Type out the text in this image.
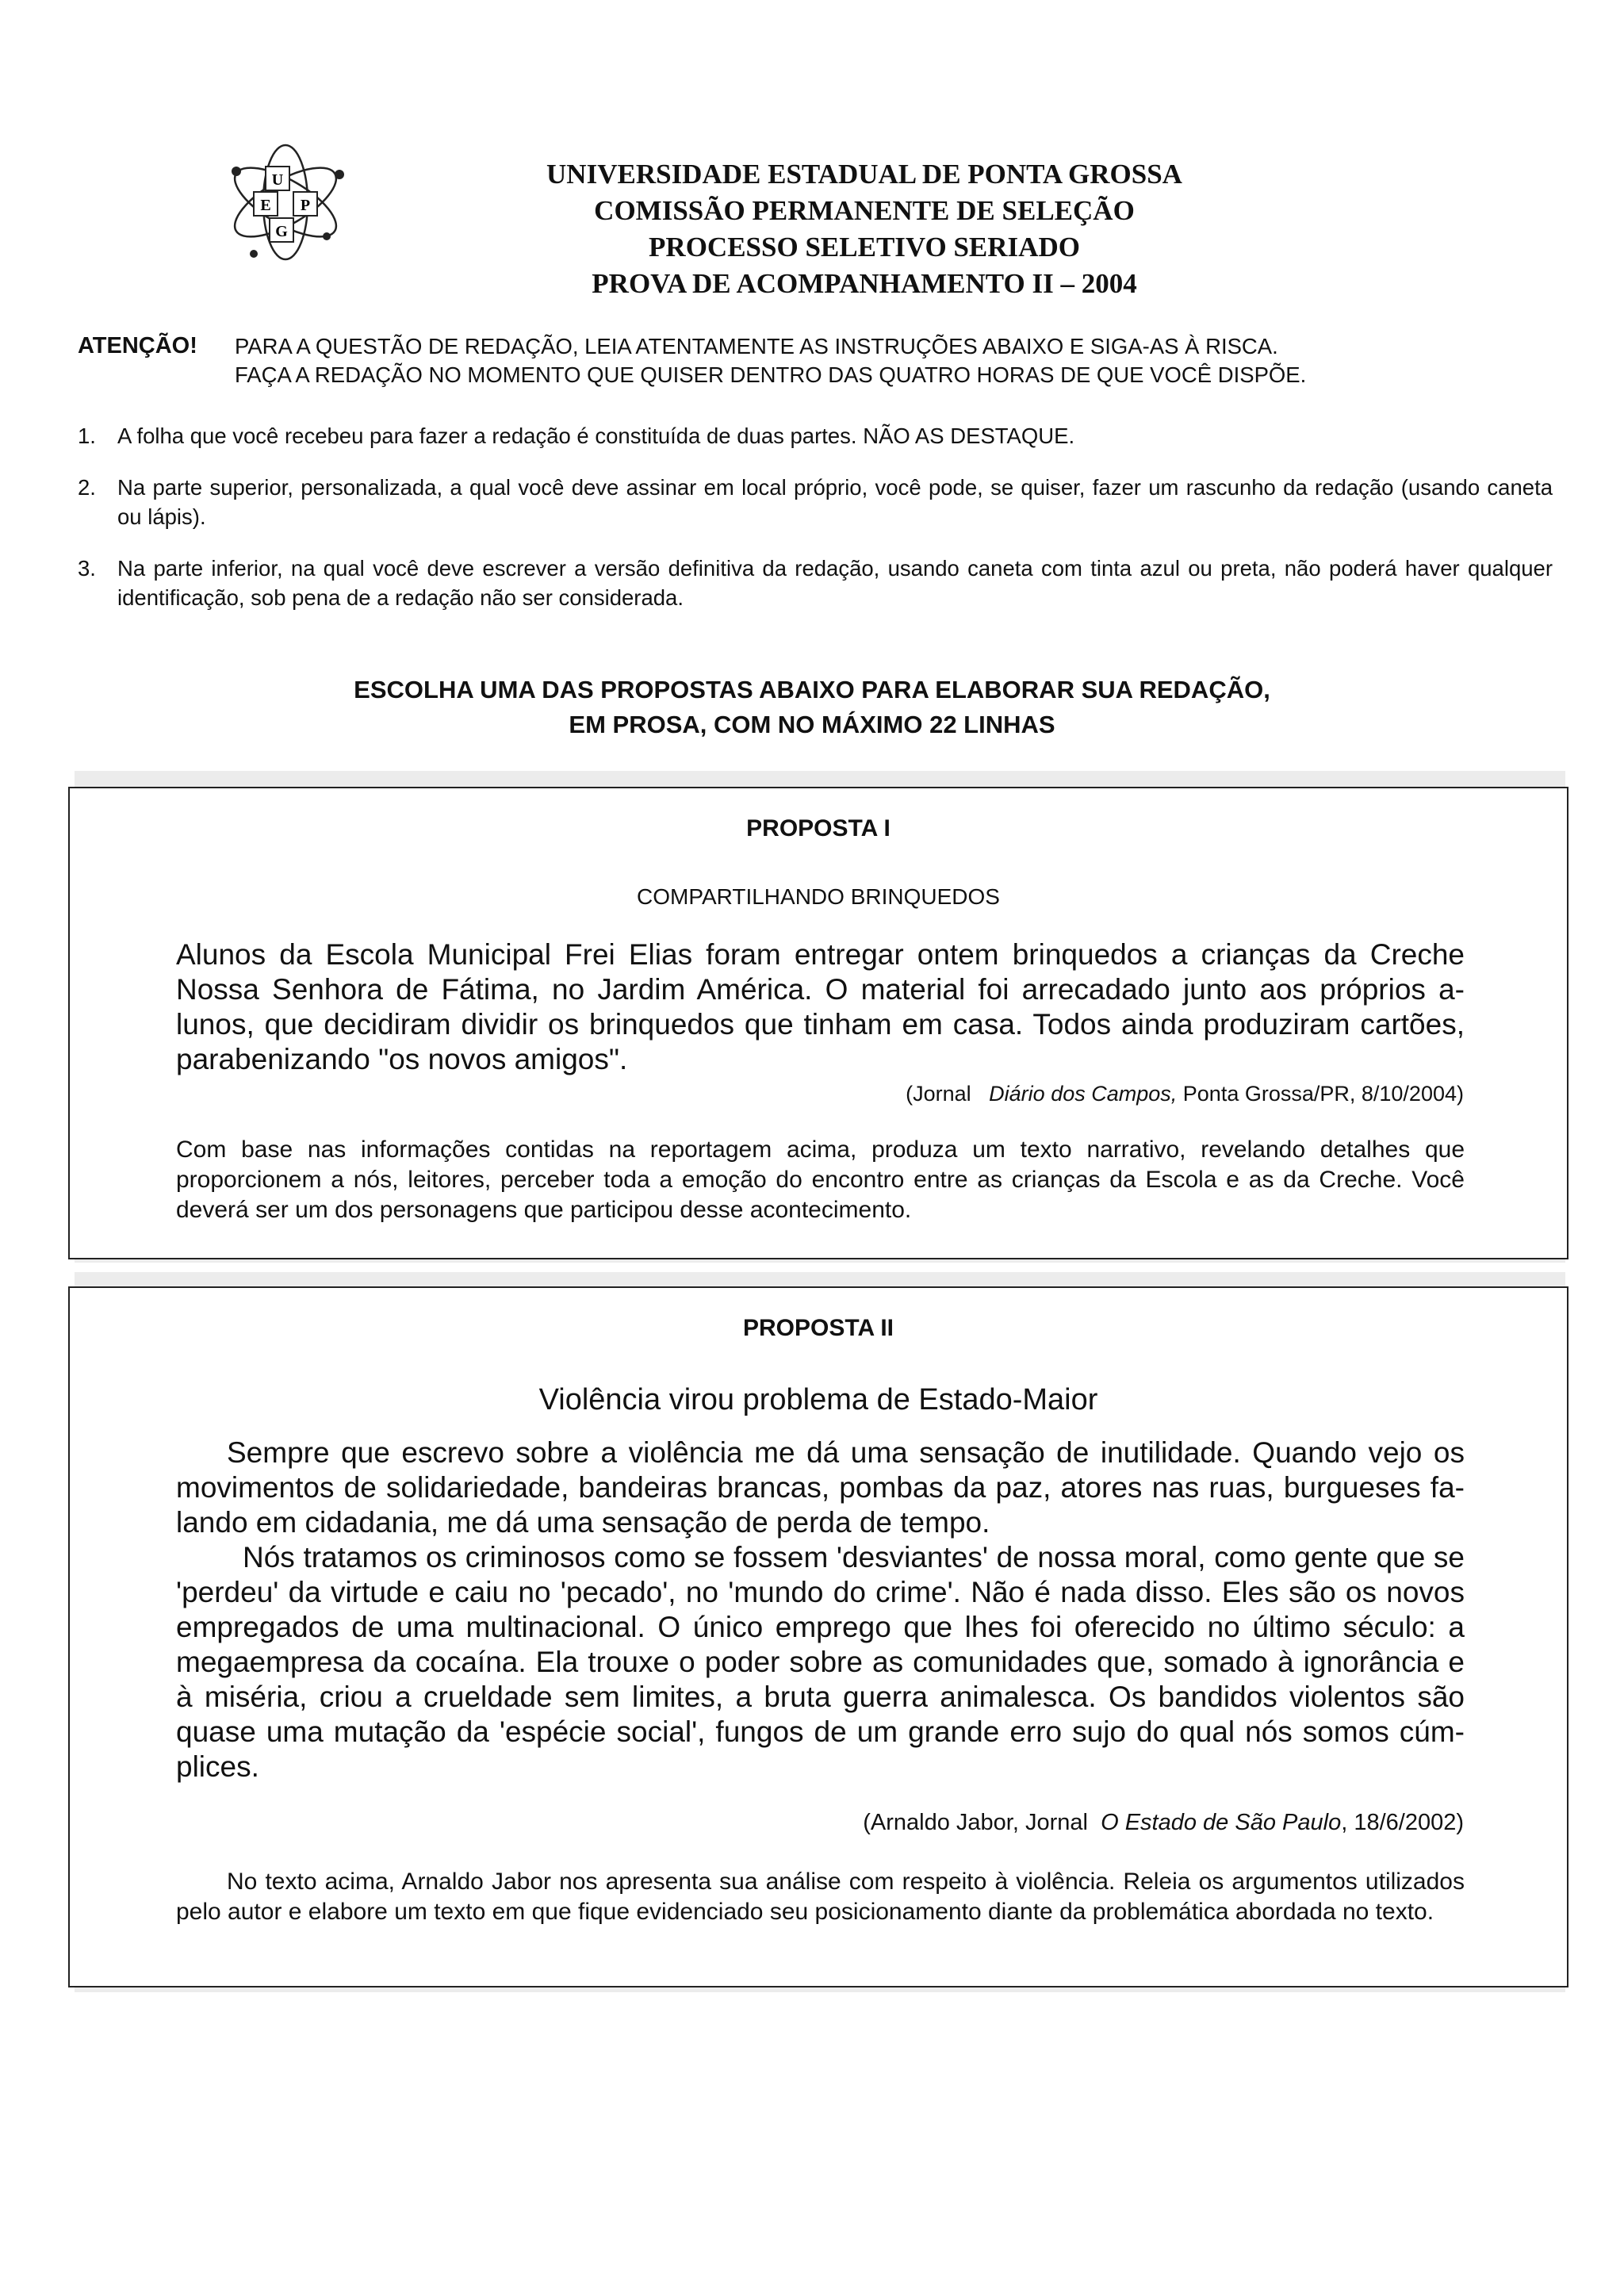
U
E P
G
UNIVERSIDADE ESTADUAL DE PONTA GROSSA
COMISSÃO PERMANENTE DE SELEÇÃO
PROCESSO SELETIVO SERIADO
PROVA DE ACOMPANHAMENTO II – 2004
ATENÇÃO! PARA A QUESTÃO DE REDAÇÃO, LEIA ATENTAMENTE AS INSTRUÇÕES ABAIXO E SIGA-AS À RISCA.
FAÇA A REDAÇÃO NO MOMENTO QUE QUISER DENTRO DAS QUATRO HORAS DE QUE VOCÊ DISPÕE.
1. A folha que você recebeu para fazer a redação é constituída de duas partes. NÃO AS DESTAQUE.
2. Na parte superior, personalizada, a qual você deve assinar em local próprio, você pode, se quiser, fazer um rascunho da redação (usando caneta ou lápis).
3. Na parte inferior, na qual você deve escrever a versão definitiva da redação, usando caneta com tinta azul ou preta, não poderá haver qualquer identificação, sob pena de a redação não ser considerada.
ESCOLHA UMA DAS PROPOSTAS ABAIXO PARA ELABORAR SUA REDAÇÃO,
EM PROSA, COM NO MÁXIMO 22 LINHAS
PROPOSTA I
COMPARTILHANDO BRINQUEDOS
Alunos da Escola Municipal Frei Elias foram entregar ontem brinquedos a crianças da Creche Nossa Senhora de Fátima, no Jardim América. O material foi arrecadado junto aos próprios alunos, que decidiram dividir os brinquedos que tinham em casa. Todos ainda produziram cartões, parabenizando "os novos amigos".
(Jornal Diário dos Campos, Ponta Grossa/PR, 8/10/2004)
Com base nas informações contidas na reportagem acima, produza um texto narrativo, revelando detalhes que proporcionem a nós, leitores, perceber toda a emoção do encontro entre as crianças da Escola e as da Creche. Você deverá ser um dos personagens que participou desse acontecimento.
PROPOSTA II
Violência virou problema de Estado-Maior
Sempre que escrevo sobre a violência me dá uma sensação de inutilidade. Quando vejo os movimentos de solidariedade, bandeiras brancas, pombas da paz, atores nas ruas, burgueses falando em cidadania, me dá uma sensação de perda de tempo.
Nós tratamos os criminosos como se fossem 'desviantes' de nossa moral, como gente que se 'perdeu' da virtude e caiu no 'pecado', no 'mundo do crime'. Não é nada disso. Eles são os novos empregados de uma multinacional. O único emprego que lhes foi oferecido no último século: a megaempresa da cocaína. Ela trouxe o poder sobre as comunidades que, somado à ignorância e à miséria, criou a crueldade sem limites, a bruta guerra animalesca. Os bandidos violentos são quase uma mutação da 'espécie social', fungos de um grande erro sujo do qual nós somos cúmplices.
(Arnaldo Jabor, Jornal O Estado de São Paulo, 18/6/2002)
No texto acima, Arnaldo Jabor nos apresenta sua análise com respeito à violência. Releia os argumentos utilizados pelo autor e elabore um texto em que fique evidenciado seu posicionamento diante da problemática abordada no texto.
